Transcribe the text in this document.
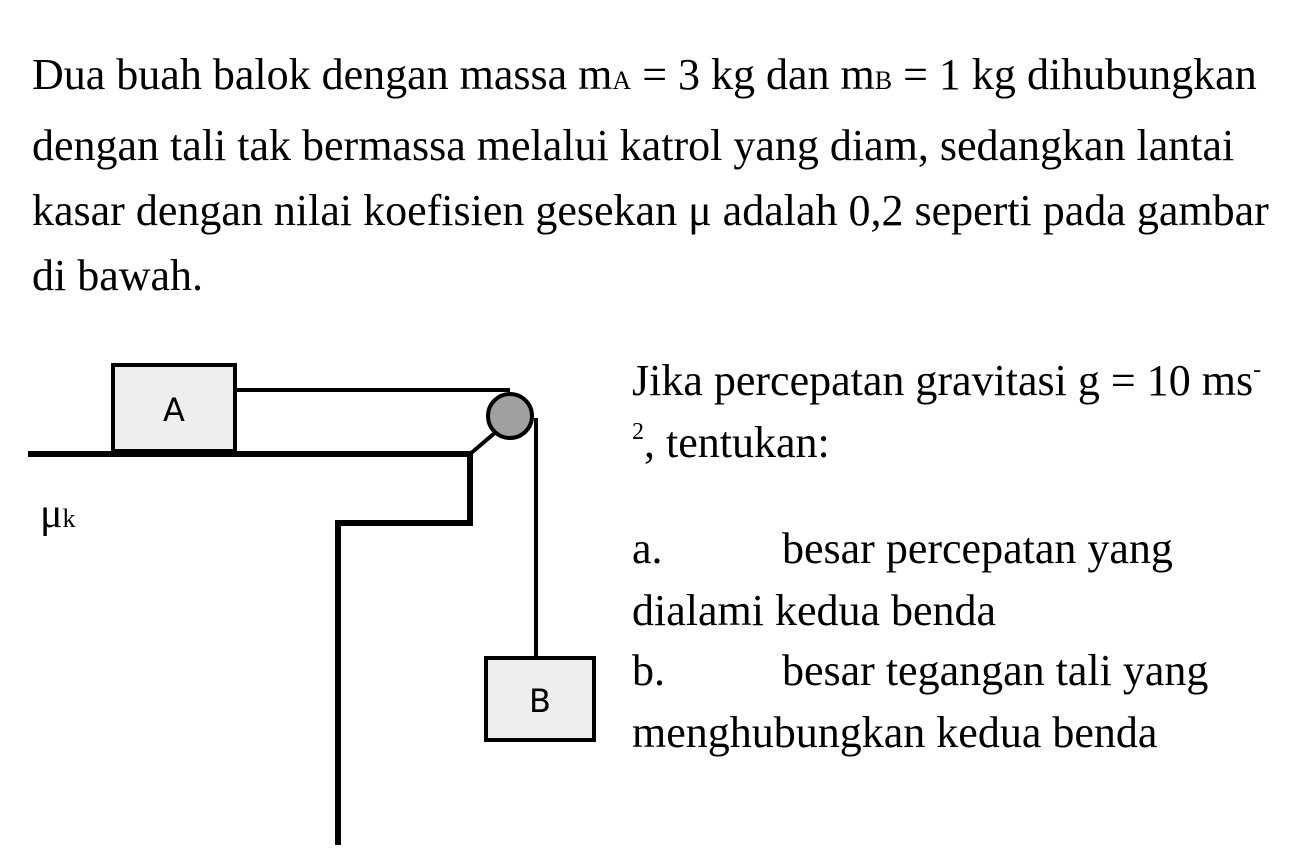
Dua buah balok dengan massa mA = 3 kg dan mB = 1 kg dihubungkan dengan tali tak bermassa melalui katrol yang diam, sedangkan lantai kasar dengan nilai koefisien gesekan μ adalah 0,2 seperti pada gambar di bawah.

A
B
μk

Jika percepatan gravitasi g = 10 $ms^{-2}$, tentukan:

a.	besar percepatan yang dialami kedua benda

b.	besar tegangan tali yang menghubungkan kedua benda
